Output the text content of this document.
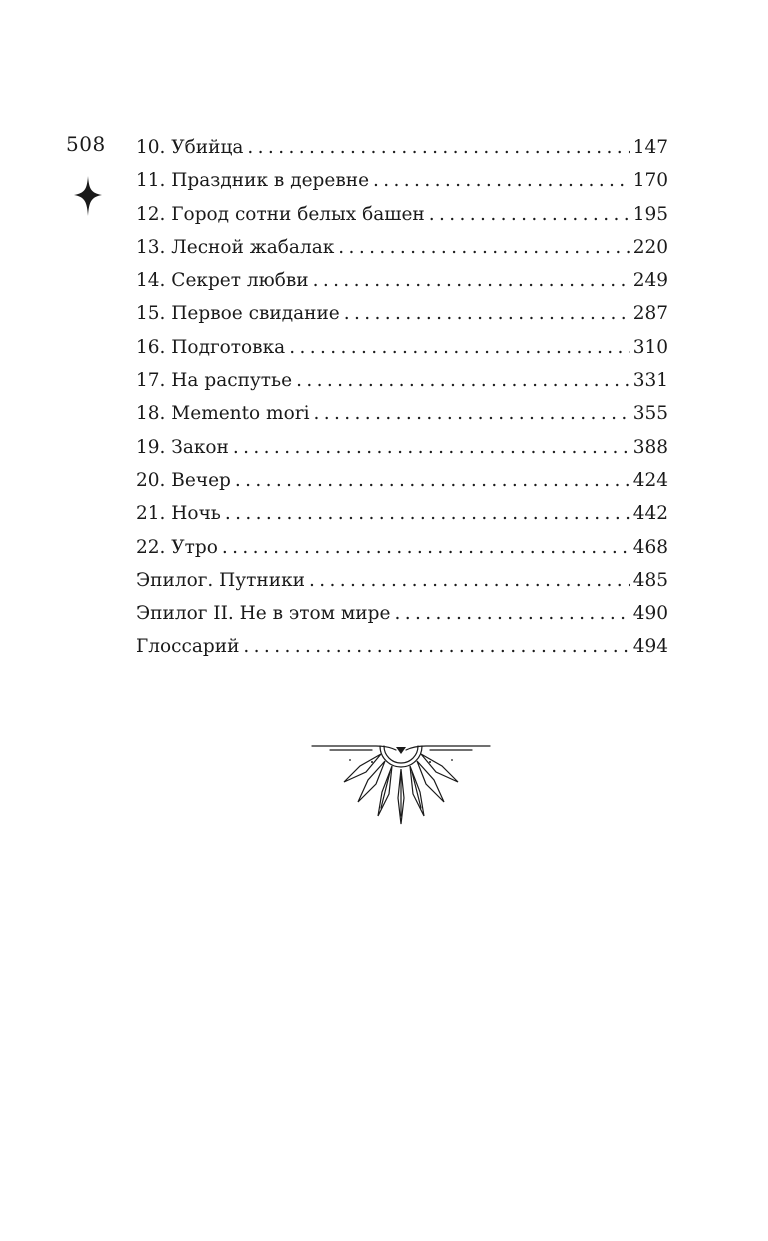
508 10. Убийца . . .	147
11. Праздник в деревне . . .	170
12. Город сотни белых башен . . .	195
13. Лесной жабалак . . .	220
14. Секрет любви . . .	249
15. Первое свидание . . .	287
16. Подготовка . . .	310
17. На распутье . . .	331
18. Memento mori . . .	355
19. Закон . . .	388
20. Вечер . . .	424
21. Ночь . . .	442
22. Утро . . .	468
Эпилог. Путники . . .	485
Эпилог II. Не в этом мире . . .	490
Глоссарий . . .	494
